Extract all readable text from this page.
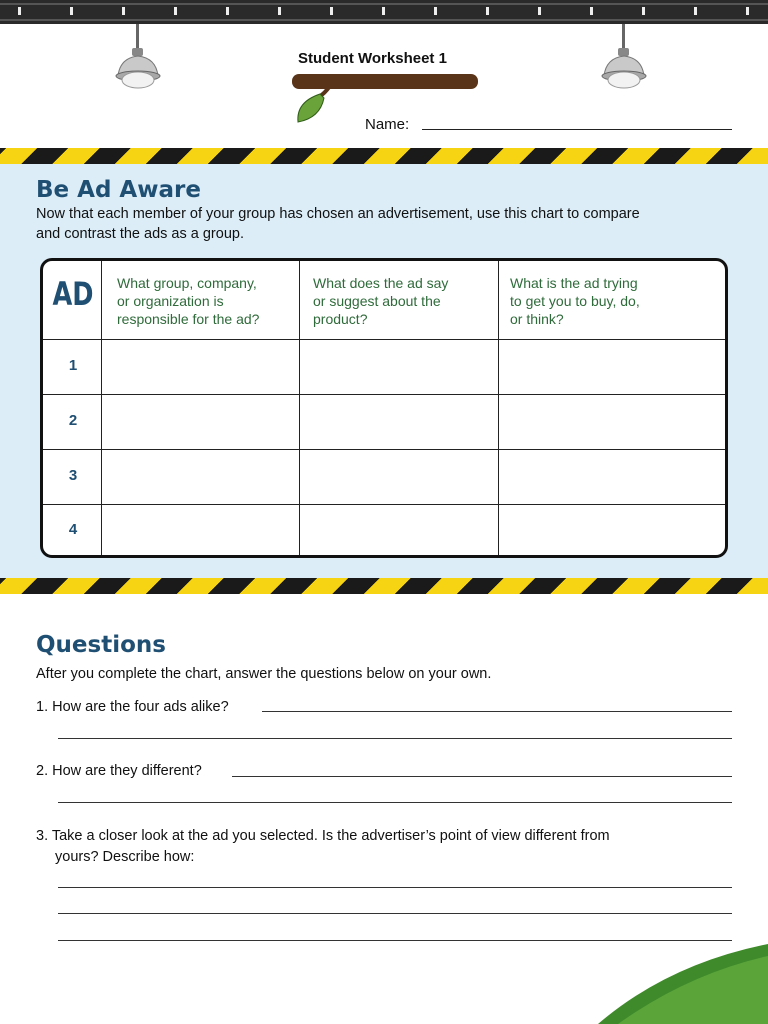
Student Worksheet 1
Name:
Be Ad Aware
Now that each member of your group has chosen an advertisement, use this chart to compare
and contrast the ads as a group.
AD What group, company,
or organization is
responsible for the ad?
What does the ad say
or suggest about the
product?
What is the ad trying
to get you to buy, do,
or think?
1
2
3
4
Questions
After you complete the chart, answer the questions below on your own.
1. How are the four ads alike?
2. How are they different?
3. Take a closer look at the ad you selected. Is the advertiser’s point of view different from
yours? Describe how:
